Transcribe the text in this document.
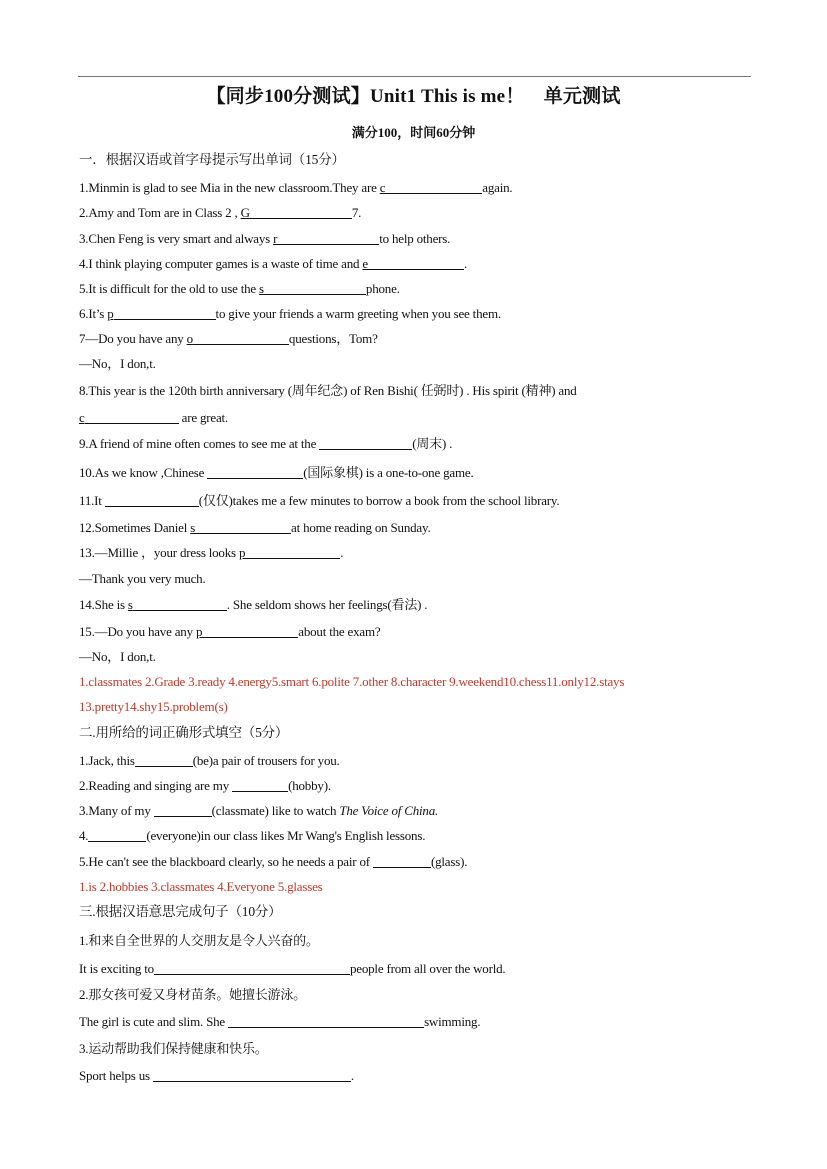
【同步100分测试】Unit1 This is me！　单元测试
满分100，时间60分钟
一．根据汉语或首字母提示写出单词（15分）
1.Minmin is glad to see Mia in the new classroom.They are c	again.
2.Amy and Tom are in Class 2 , G	7.
3.Chen Feng is very smart and always r	to help others.
4.I think playing computer games is a waste of time and e	.
5.It is difficult for the old to use the s	phone.
6.It’s p	to give your friends a warm greeting when you see them.
7—Do you have any o	questions，Tom?
—No，I don,t.
8.This year is the 120th birth anniversary (周年纪念) of Ren Bishi( 任弼时) . His spirit (精神) and
c	are great.
9.A friend of mine often comes to see me at the	(周末) .
10.As we know ,Chinese	(国际象棋) is a one-to-one game.
11.It	(仅仅)takes me a few minutes to borrow a book from the school library.
12.Sometimes Daniel s	at home reading on Sunday.
13.—Millie ，your dress looks p	.
—Thank you very much.
14.She is s	. She seldom shows her feelings(看法) .
15.—Do you have any p	about the exam?
—No，I don,t.
1.classmates 2.Grade 3.ready 4.energy5.smart 6.polite 7.other 8.character 9.weekend10.chess11.only12.stays
13.pretty14.shy15.problem(s)
二.用所给的词正确形式填空（5分）
1.Jack, this	(be)a pair of trousers for you.
2.Reading and singing are my	(hobby).
3.Many of my	(classmate) like to watch The Voice of China.
4.	(everyone)in our class likes Mr Wang's English lessons.
5.He can't see the blackboard clearly, so he needs a pair of	(glass).
1.is 2.hobbies 3.classmates 4.Everyone 5.glasses
三.根据汉语意思完成句子（10分）
1.和来自全世界的人交朋友是令人兴奋的。
It is exciting to	people from all over the world.
2.那女孩可爱又身材苗条。她擅长游泳。
The girl is cute and slim. She	swimming.
3.运动帮助我们保持健康和快乐。
Sport helps us	.
